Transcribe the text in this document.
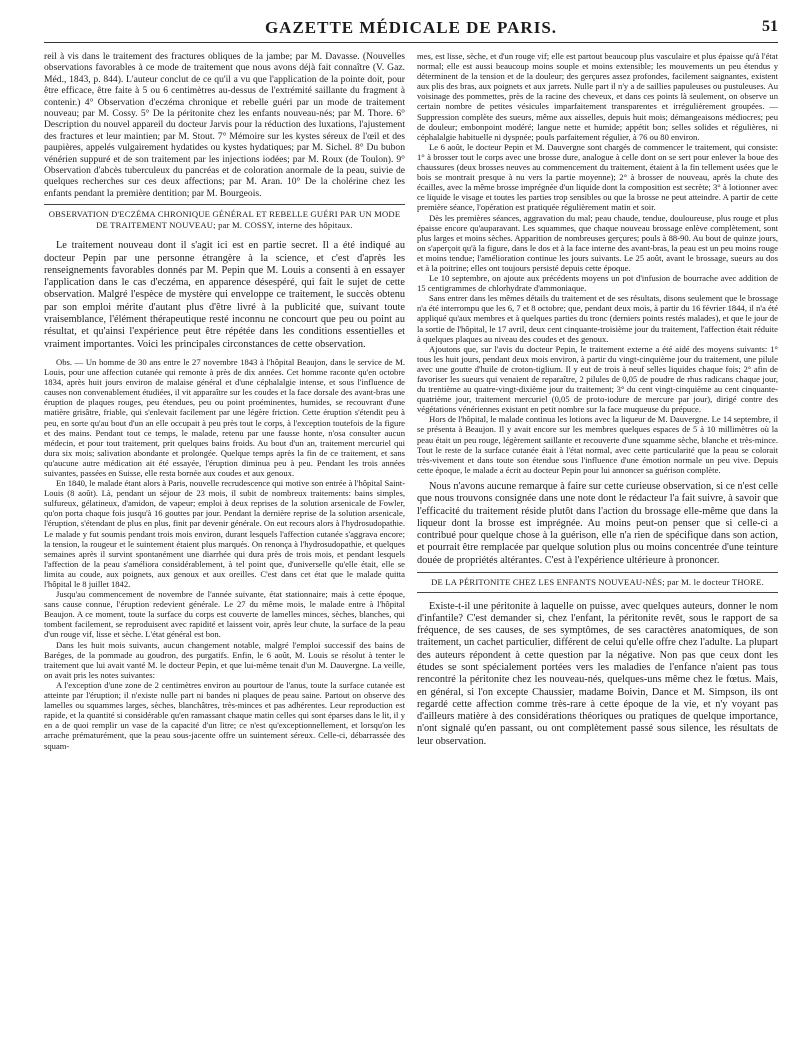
GAZETTE MÉDICALE DE PARIS.	51

reil à vis dans le traitement des fractures obliques de la jambe; par M. Davasse. (Nouvelles observations favorables à ce mode de traitement que nous avons déjà fait connaître (V. Gaz. Méd., 1843, p. 844). L'auteur conclut de ce qu'il a vu que l'application de la pointe doit, pour être efficace, être faite à 5 ou 6 centimètres au-dessus de l'extrémité saillante du fragment à contenir.) 4° Observation d'eczéma chronique et rebelle guéri par un mode de traitement nouveau; par M. Cossy. 5° De la péritonite chez les enfants nouveau-nés; par M. Thore. 6° Description du nouvel appareil du docteur Jarvis pour la réduction des luxations, l'ajustement des fractures et leur maintien; par M. Stout. 7° Mémoire sur les kystes séreux de l'œil et des paupières, appelés vulgairement hydatides ou kystes hydatiques; par M. Sichel. 8° Du bubon vénérien suppuré et de son traitement par les injections iodées; par M. Roux (de Toulon). 9° Observation d'abcès tuberculeux du pancréas et de coloration anormale de la peau, suivie de quelques recherches sur ces deux affections; par M. Aran. 10° De la cholérine chez les enfants pendant la première dentition; par M. Bourgeois.

OBSERVATION D'ECZÉMA CHRONIQUE GÉNÉRAL ET REBELLE GUÉRI PAR UN MODE DE TRAITEMENT NOUVEAU; par M. COSSY, interne des hôpitaux.

Le traitement nouveau dont il s'agit ici est en partie secret. Il a été indiqué au docteur Pepin par une personne étrangère à la science, et c'est d'après les renseignements favorables donnés par M. Pepin que M. Louis a consenti à en essayer l'application dans le cas d'eczéma, en apparence désespéré, qui fait le sujet de cette observation. Malgré l'espèce de mystère qui enveloppe ce traitement, le succès obtenu par son emploi mérite d'autant plus d'être livré à la publicité que, suivant toute vraisemblance, l'élément thérapeutique resté inconnu ne concourt que peu ou point au résultat, et qu'ainsi l'expérience peut être répétée dans les conditions essentielles et vraiment importantes. Voici les principales circonstances de cette observation.

Obs. — Un homme de 30 ans entre le 27 novembre 1843 à l'hôpital Beaujon, dans le service de M. Louis, pour une affection cutanée qui remonte à près de dix années. Cet homme raconte qu'en octobre 1834, après huit jours environ de malaise général et d'une céphalalgie intense, et sous l'influence de causes non convenablement étudiées, il vit apparaître sur les coudes et la face dorsale des avant-bras une éruption de plaques rouges, peu étendues, peu ou point proéminentes, humides, se recouvrant d'une matière grisâtre, friable, qui s'enlevait facilement par une légère friction. Cette éruption s'étendit peu à peu, en sorte qu'au bout d'un an elle occupait à peu près tout le corps, à l'exception toutefois de la figure et des mains. Pendant tout ce temps, le malade, retenu par une fausse honte, n'osa consulter aucun médecin, et pour tout traitement, prit quelques bains froids. Au bout d'un an, traitement mercuriel qui dura six mois; salivation abondante et prolongée. Quelque temps après la fin de ce traitement, et sans qu'aucune autre médication ait été essayée, l'éruption diminua peu à peu. Pendant les trois années suivantes, passées en Suisse, elle resta bornée aux coudes et aux genoux.

En 1840, le malade étant alors à Paris, nouvelle recrudescence qui motive son entrée à l'hôpital Saint-Louis (8 août). Là, pendant un séjour de 23 mois, il subit de nombreux traitements: bains simples, sulfureux, gélatineux, d'amidon, de vapeur; emploi à deux reprises de la solution arsenicale de Fowler, qu'on porta chaque fois jusqu'à 16 gouttes par jour. Pendant la dernière reprise de la solution arsenicale, l'éruption, s'étendant de plus en plus, finit par devenir générale. On eut recours alors à l'hydrosudopathie. Le malade y fut soumis pendant trois mois environ, durant lesquels l'affection cutanée s'aggrava encore; la tension, la rougeur et le suintement étaient plus marqués. On renonça à l'hydrosudopathie, et quelques semaines après il survint spontanément une diarrhée qui dura près de trois mois, et pendant lesquels l'affection de la peau s'améliora considérablement, à tel point que, d'universelle qu'elle était, elle se limita au coude, aux poignets, aux genoux et aux oreilles. C'est dans cet état que le malade quitta l'hôpital le 8 juillet 1842.

Jusqu'au commencement de novembre de l'année suivante, état stationnaire; mais à cette époque, sans cause connue, l'éruption redevient générale. Le 27 du même mois, le malade entre à l'hôpital Beaujon. A ce moment, toute la surface du corps est couverte de lamelles minces, sèches, blanches, qui tombent facilement, se reproduisent avec rapidité et laissent voir, après leur chute, la surface de la peau d'un rouge vif, lisse et sèche. L'état général est bon.

Dans les huit mois suivants, aucun changement notable, malgré l'emploi successif des bains de Baréges, de la pommade au goudron, des purgatifs. Enfin, le 6 août, M. Louis se résolut à tenter le traitement que lui avait vanté M. le docteur Pepin, et que lui-même tenait d'un M. Dauvergne. La veille, on avait pris les notes suivantes:

A l'exception d'une zone de 2 centimètres environ au pourtour de l'anus, toute la surface cutanée est atteinte par l'éruption; il n'existe nulle part ni bandes ni plaques de peau saine. Partout on observe des lamelles ou squammes larges, sèches, blanchâtres, très-minces et pas adhérentes. Leur reproduction est rapide, et la quantité si considérable qu'en ramassant chaque matin celles qui sont éparses dans le lit, il y en a de quoi remplir un vase de la capacité d'un litre; ce n'est qu'exceptionnellement, et lorsqu'on les arrache prématurément, que la peau sous-jacente offre un suintement séreux. Celle-ci, débarrassée des squam-

mes, est lisse, sèche, et d'un rouge vif; elle est partout beaucoup plus vasculaire et plus épaisse qu'à l'état normal; elle est aussi beaucoup moins souple et moins extensible; les mouvements un peu étendus y déterminent de la tension et de la douleur; des gerçures assez profondes, facilement saignantes, existent aux plis des bras, aux poignets et aux jarrets. Nulle part il n'y a de saillies papuleuses ou pustuleuses. Au voisinage des pommettes, près de la racine des cheveux, et dans ces points là seulement, on observe un certain nombre de petites vésicules imparfaitement transparentes et irrégulièrement groupées. — Suppression complète des sueurs, même aux aisselles, depuis huit mois; démangeaisons médiocres; peu de douleur; embonpoint modéré; langue nette et humide; appétit bon; selles solides et régulières, ni céphalalgie habituelle ni dyspnée; pouls parfaitement régulier, à 76 ou 80 environ.

Le 6 août, le docteur Pepin et M. Dauvergne sont chargés de commencer le traitement, qui consiste: 1° à brosser tout le corps avec une brosse dure, analogue à celle dont on se sert pour enlever la boue des chaussures (deux brosses neuves au commencement du traitement, étaient à la fin tellement usées que le bois se montrait presque à nu vers la partie moyenne); 2° à brosser de nouveau, après la chute des écailles, avec la même brosse imprégnée d'un liquide dont la composition est secrète; 3° à lotionner avec ce liquide le visage et toutes les parties trop sensibles ou que la brosse ne peut atteindre. A partir de cette première séance, l'opération est pratiquée régulièrement matin et soir.

Dès les premières séances, aggravation du mal; peau chaude, tendue, douloureuse, plus rouge et plus épaisse encore qu'auparavant. Les squammes, que chaque nouveau brossage enlève complètement, sont plus larges et moins sèches. Apparition de nombreuses gerçures; pouls à 88-90. Au bout de quinze jours, on s'aperçoit qu'à la figure, dans le dos et à la face interne des avant-bras, la peau est un peu moins rouge et moins tendue; l'amélioration continue les jours suivants. Le 25 août, avant le brossage, sueurs au dos et à la poitrine; elles ont toujours persisté depuis cette époque.

Le 10 septembre, on ajoute aux précédents moyens un pot d'infusion de bourrache avec addition de 15 centigrammes de chlorhydrate d'ammoniaque.

Sans entrer dans les mêmes détails du traitement et de ses résultats, disons seulement que le brossage n'a été interrompu que les 6, 7 et 8 octobre; que, pendant deux mois, à partir du 16 février 1844, il n'a été appliqué qu'aux membres et à quelques parties du tronc (derniers points restés malades), et que le jour de la sortie de l'hôpital, le 17 avril, deux cent cinquante-troisième jour du traitement, l'affection était réduite à quelques plaques au niveau des coudes et des genoux.

Ajoutons que, sur l'avis du docteur Pepin, le traitement externe a été aidé des moyens suivants: 1° tous les huit jours, pendant deux mois environ, à partir du vingt-cinquième jour du traitement, une pilule avec une goutte d'huile de croton-tiglium. Il y eut de trois à neuf selles liquides chaque fois; 2° afin de favoriser les sueurs qui venaient de reparaître, 2 pilules de 0,05 de poudre de rhus radicans chaque jour, du trentième au quatre-vingt-dixième jour du traitement; 3° du cent vingt-cinquième au cent cinquante-quatrième jour, traitement mercuriel (0,05 de proto-iodure de mercure par jour), dirigé contre des végétations vénériennes existant en petit nombre sur la face muqueuse du prépuce.

Hors de l'hôpital, le malade continua les lotions avec la liqueur de M. Dauvergne. Le 14 septembre, il se présenta à Beaujon. Il y avait encore sur les membres quelques espaces de 5 à 10 millimètres où la peau était un peu rouge, légèrement saillante et recouverte d'une squamme sèche, blanche et très-mince. Tout le reste de la surface cutanée était à l'état normal, avec cette particularité que la peau se colorait très-vivement et dans toute son étendue sous l'influence d'une émotion normale un peu vive. Depuis cette époque, le malade a écrit au docteur Pepin pour lui annoncer sa guérison complète.

Nous n'avons aucune remarque à faire sur cette curieuse observation, si ce n'est celle que nous trouvons consignée dans une note dont le rédacteur l'a fait suivre, à savoir que l'efficacité du traitement réside plutôt dans l'action du brossage elle-même que dans la liqueur dont la brosse est imprégnée. Au moins peut-on penser que si celle-ci a contribué pour quelque chose à la guérison, elle n'a rien de spécifique dans son action, et pourrait être remplacée par quelque solution plus ou moins concentrée d'une teinture douée de propriétés altérantes. C'est à l'expérience ultérieure à prononcer.

DE LA PÉRITONITE CHEZ LES ENFANTS NOUVEAU-NÉS; par M. le docteur THORE.

Existe-t-il une péritonite à laquelle on puisse, avec quelques auteurs, donner le nom d'infantile? C'est demander si, chez l'enfant, la péritonite revêt, sous le rapport de sa fréquence, de ses causes, de ses symptômes, de ses caractères anatomiques, de son traitement, un cachet particulier, différent de celui qu'elle offre chez l'adulte. La plupart des auteurs répondent à cette question par la négative. Non pas que ceux dont les études se sont spécialement portées vers les maladies de l'enfance n'aient pas tous rencontré la péritonite chez les nouveau-nés, quelques-uns même chez le fœtus. Mais, en général, si l'on excepte Chaussier, madame Boivin, Dance et M. Simpson, ils ont regardé cette affection comme très-rare à cette époque de la vie, et n'y voyant pas d'ailleurs matière à des considérations théoriques ou pratiques de quelque importance, n'ont signalé qu'en passant, ou ont complètement passé sous silence, les résultats de leur observation.
